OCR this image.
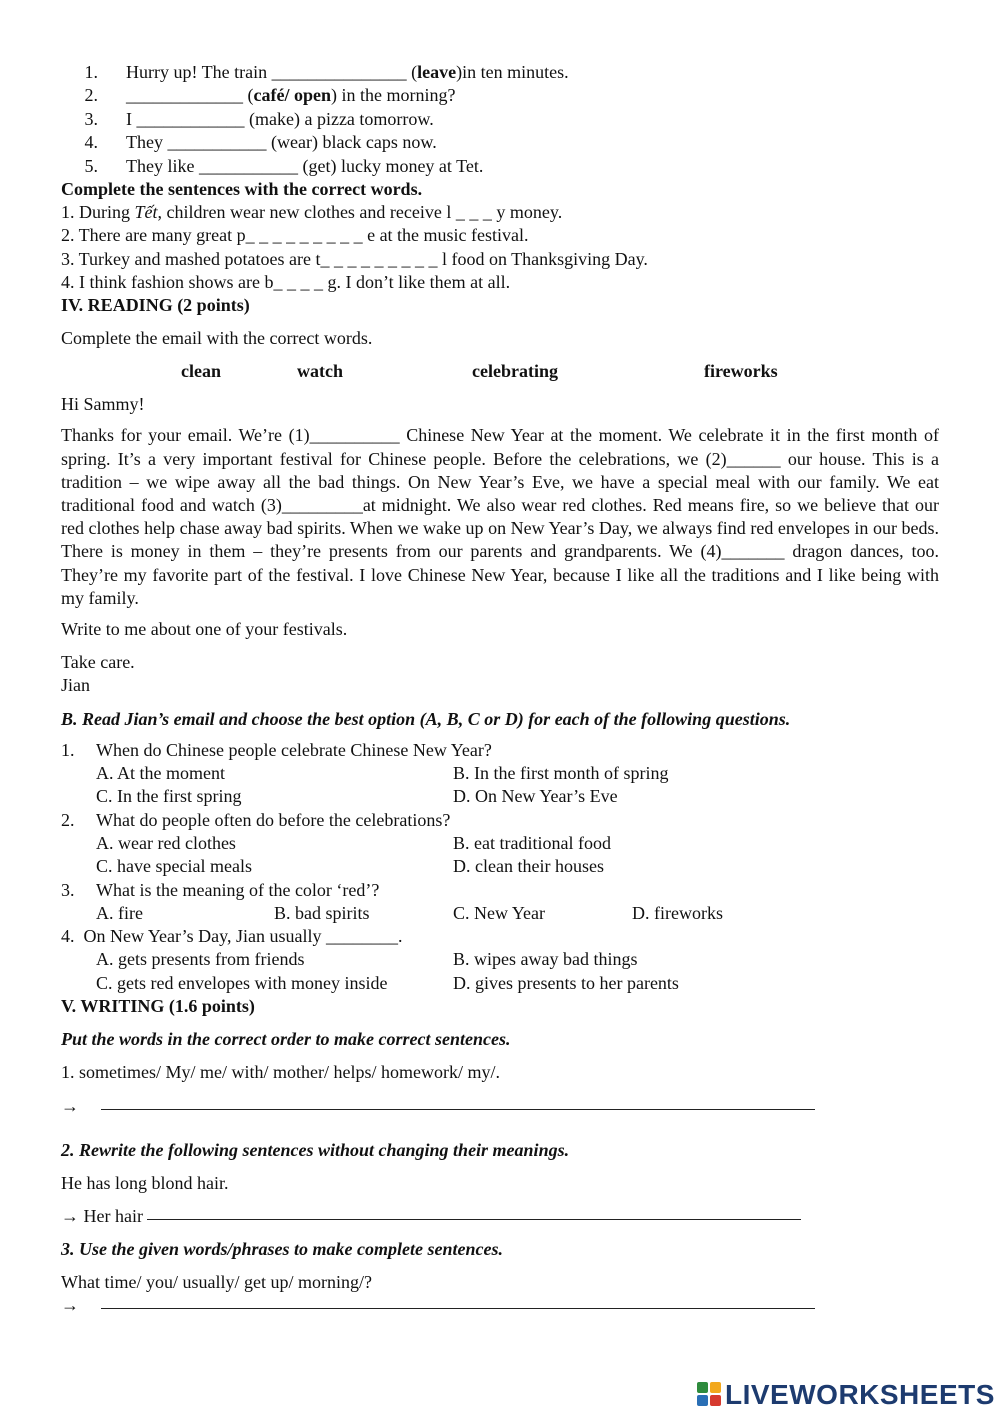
1.	Hurry up! The train _______________ (leave)in ten minutes.
2.	_____________ (café/ open) in the morning?
3.	I ____________ (make) a pizza tomorrow.
4.	They ___________ (wear) black caps now.
5.	They like ___________ (get) lucky money at Tet.
Complete the sentences with the correct words.
1. During Tết, children wear new clothes and receive l _ _ _ y money.
2. There are many great p_ _ _ _ _ _ _ _ _ e at the music festival.
3. Turkey and mashed potatoes are t_ _ _ _ _ _ _ _ _ l food on Thanksgiving Day.
4. I think fashion shows are b_ _ _ _ g. I don’t like them at all.
IV. READING (2 points)
Complete the email with the correct words.
clean	watch	celebrating	fireworks
Hi Sammy!
Thanks for your email. We’re (1)__________ Chinese New Year at the moment. We celebrate it in the first month of spring. It’s a very important festival for Chinese people. Before the celebrations, we (2)______ our house. This is a tradition – we wipe away all the bad things. On New Year’s Eve, we have a special meal with our family. We eat traditional food and watch (3)_________at midnight. We also wear red clothes. Red means fire, so we believe that our red clothes help chase away bad spirits. When we wake up on New Year’s Day, we always find red envelopes in our beds. There is money in them – they’re presents from our parents and grandparents. We (4)_______ dragon dances, too. They’re my favorite part of the festival. I love Chinese New Year, because I like all the traditions and I like being with my family.
Write to me about one of your festivals.
Take care.
Jian
B. Read Jian’s email and choose the best option (A, B, C or D) for each of the following questions.
1.	When do Chinese people celebrate Chinese New Year?
A. At the moment	B. In the first month of spring
C. In the first spring	D. On New Year’s Eve
2.	What do people often do before the celebrations?
A. wear red clothes	B. eat traditional food
C. have special meals	D. clean their houses
3.	What is the meaning of the color ‘red’?
A. fire	B. bad spirits	C. New Year	D. fireworks
4.  On New Year’s Day, Jian usually ________.
A. gets presents from friends	B. wipes away bad things
C. gets red envelopes with money inside	D. gives presents to her parents
V. WRITING (1.6 points)
Put the words in the correct order to make correct sentences.
1. sometimes/ My/ me/ with/ mother/ helps/ homework/ my/.
→
2. Rewrite the following sentences without changing their meanings.
He has long blond hair.
→ Her hair
3. Use the given words/phrases to make complete sentences.
What time/ you/ usually/ get up/ morning/?
→
LIVEWORKSHEETS
